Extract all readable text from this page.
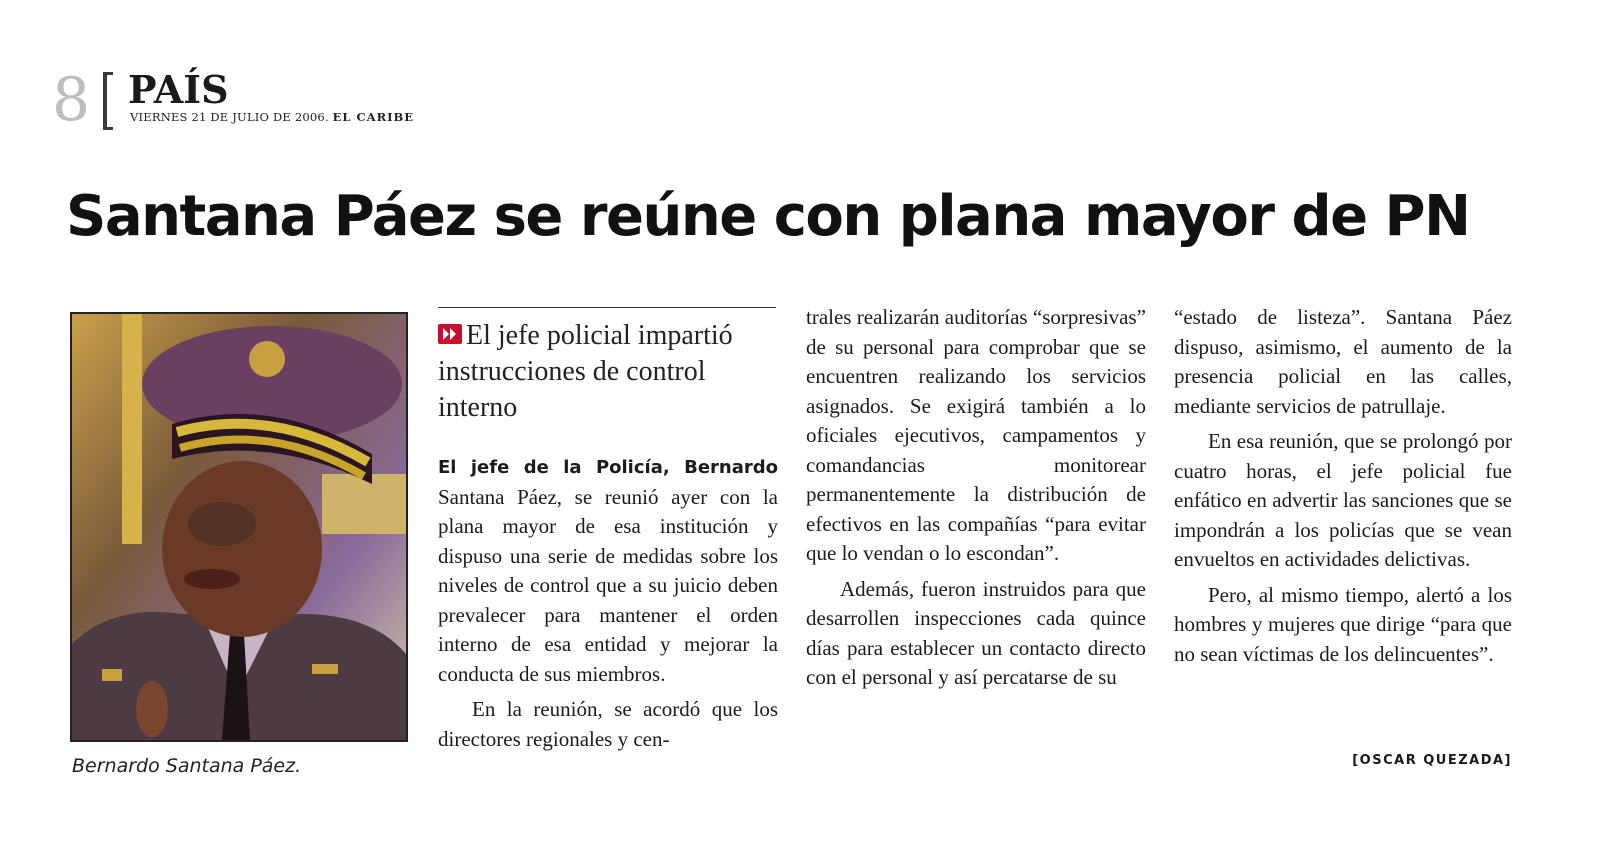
8 PAÍS
VIERNES 21 DE JULIO DE 2006. EL CARIBE
Santana Páez se reúne con plana mayor de PN
Bernardo Santana Páez.
El jefe policial impartió instrucciones de control interno

El jefe de la Policía, Bernardo Santana Páez, se reunió ayer con la plana mayor de esa institución y dispuso una serie de medidas sobre los niveles de control que a su juicio deben prevalecer para mantener el orden interno de esa entidad y mejorar la conducta de sus miembros.

En la reunión, se acordó que los directores regionales y cen-

trales realizarán auditorías “sorpresivas” de su personal para comprobar que se encuentren realizando los servicios asignados. Se exigirá también a lo oficiales ejecutivos, campamentos y comandancias monitorear permanentemente la distribución de efectivos en las compañías “para evitar que lo vendan o lo escondan”.

Además, fueron instruidos para que desarrollen inspecciones cada quince días para establecer un contacto directo con el personal y así percatarse de su

“estado de listeza”. Santana Páez dispuso, asimismo, el aumento de la presencia policial en las calles, mediante servicios de patrullaje.

En esa reunión, que se prolongó por cuatro horas, el jefe policial fue enfático en advertir las sanciones que se impondrán a los policías que se vean envueltos en actividades delictivas.

Pero, al mismo tiempo, alertó a los hombres y mujeres que dirige “para que no sean víctimas de los delincuentes”.

[OSCAR QUEZADA]
